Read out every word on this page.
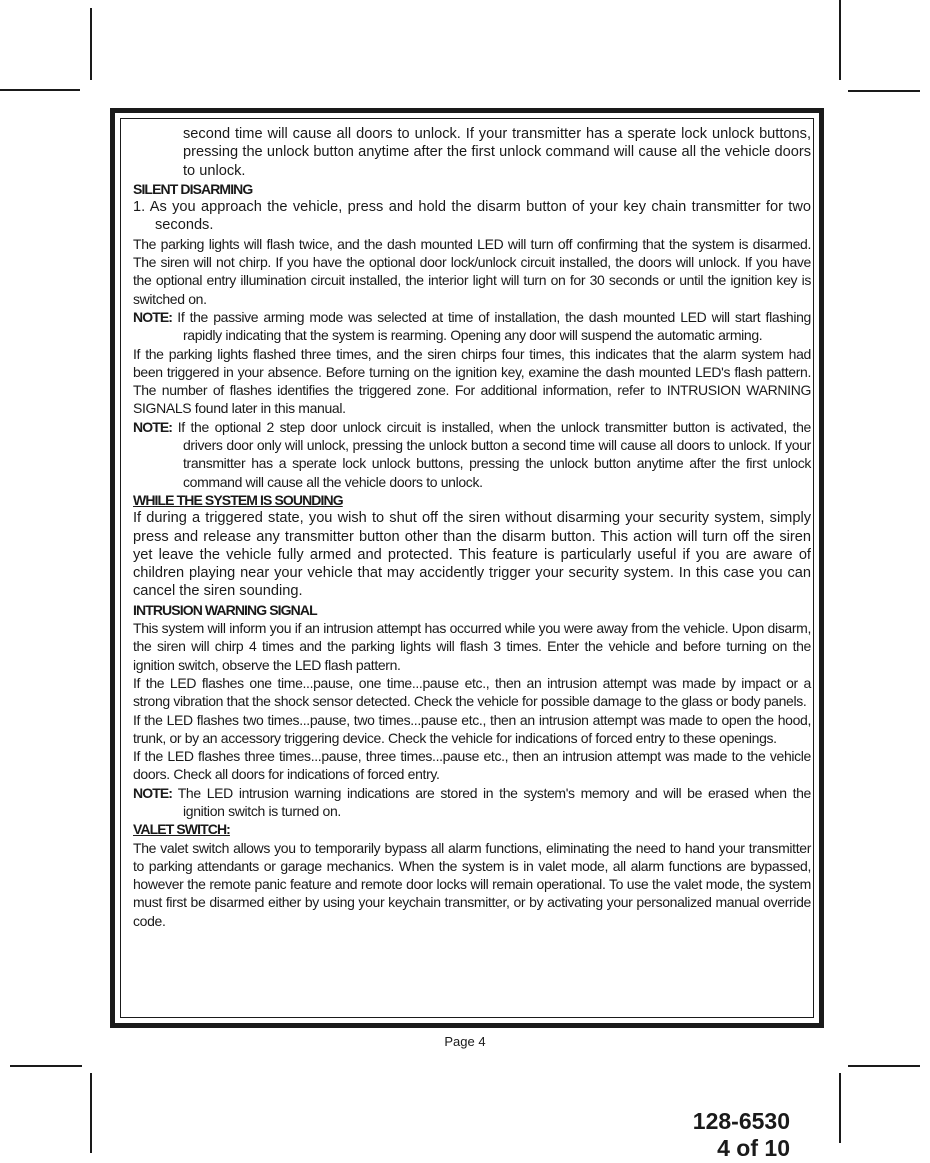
second time will cause all doors to unlock. If your transmitter has a sperate lock unlock buttons, pressing the unlock button anytime after the first unlock command will cause all the vehicle doors to unlock.

SILENT DISARMING

1. As you approach the vehicle, press and hold the disarm button of your key chain transmitter for two seconds.

The parking lights will flash twice, and the dash mounted LED will turn off confirming that the system is disarmed. The siren will not chirp. If you have the optional door lock/unlock circuit installed, the doors will unlock. If you have the optional entry illumination circuit installed, the interior light will turn on for 30 seconds or until the ignition key is switched on.

NOTE: If the passive arming mode was selected at time of installation, the dash mounted LED will start flashing rapidly indicating that the system is rearming. Opening any door will suspend the automatic arming.

If the parking lights flashed three times, and the siren chirps four times, this indicates that the alarm system had been triggered in your absence. Before turning on the ignition key, examine the dash mounted LED's flash pattern. The number of flashes identifies the triggered zone. For additional information, refer to INTRUSION WARNING SIGNALS found later in this manual.

NOTE: If the optional 2 step door unlock circuit is installed, when the unlock transmitter button is activated, the drivers door only will unlock, pressing the unlock button a second time will cause all doors to unlock. If your transmitter has a sperate lock unlock buttons, pressing the unlock button anytime after the first unlock command will cause all the vehicle doors to unlock.

WHILE THE SYSTEM IS SOUNDING

If during a triggered state, you wish to shut off the siren without disarming your security system, simply press and release any transmitter button other than the disarm button. This action will turn off the siren yet leave the vehicle fully armed and protected. This feature is particularly useful if you are aware of children playing near your vehicle that may accidently trigger your security system. In this case you can cancel the siren sounding.

INTRUSION WARNING SIGNAL

This system will inform you if an intrusion attempt has occurred while you were away from the vehicle. Upon disarm, the siren will chirp 4 times and the parking lights will flash 3 times. Enter the vehicle and before turning on the ignition switch, observe the LED flash pattern.

If the LED flashes one time...pause, one time...pause etc., then an intrusion attempt was made by impact or a strong vibration that the shock sensor detected. Check the vehicle for possible damage to the glass or body panels.

If the LED flashes two times...pause, two times...pause etc., then an intrusion attempt was made to open the hood, trunk, or by an accessory triggering device. Check the vehicle for indications of forced entry to these openings.

If the LED flashes three times...pause, three times...pause etc., then an intrusion attempt was made to the vehicle doors. Check all doors for indications of forced entry.

NOTE: The LED intrusion warning indications are stored in the system's memory and will be erased when the ignition switch is turned on.

VALET SWITCH:

The valet switch allows you to temporarily bypass all alarm functions, eliminating the need to hand your transmitter to parking attendants or garage mechanics. When the system is in valet mode, all alarm functions are bypassed, however the remote panic feature and remote door locks will remain operational. To use the valet mode, the system must first be disarmed either by using your keychain transmitter, or by activating your personalized manual override code.

Page 4
128-6530
4 of 10
